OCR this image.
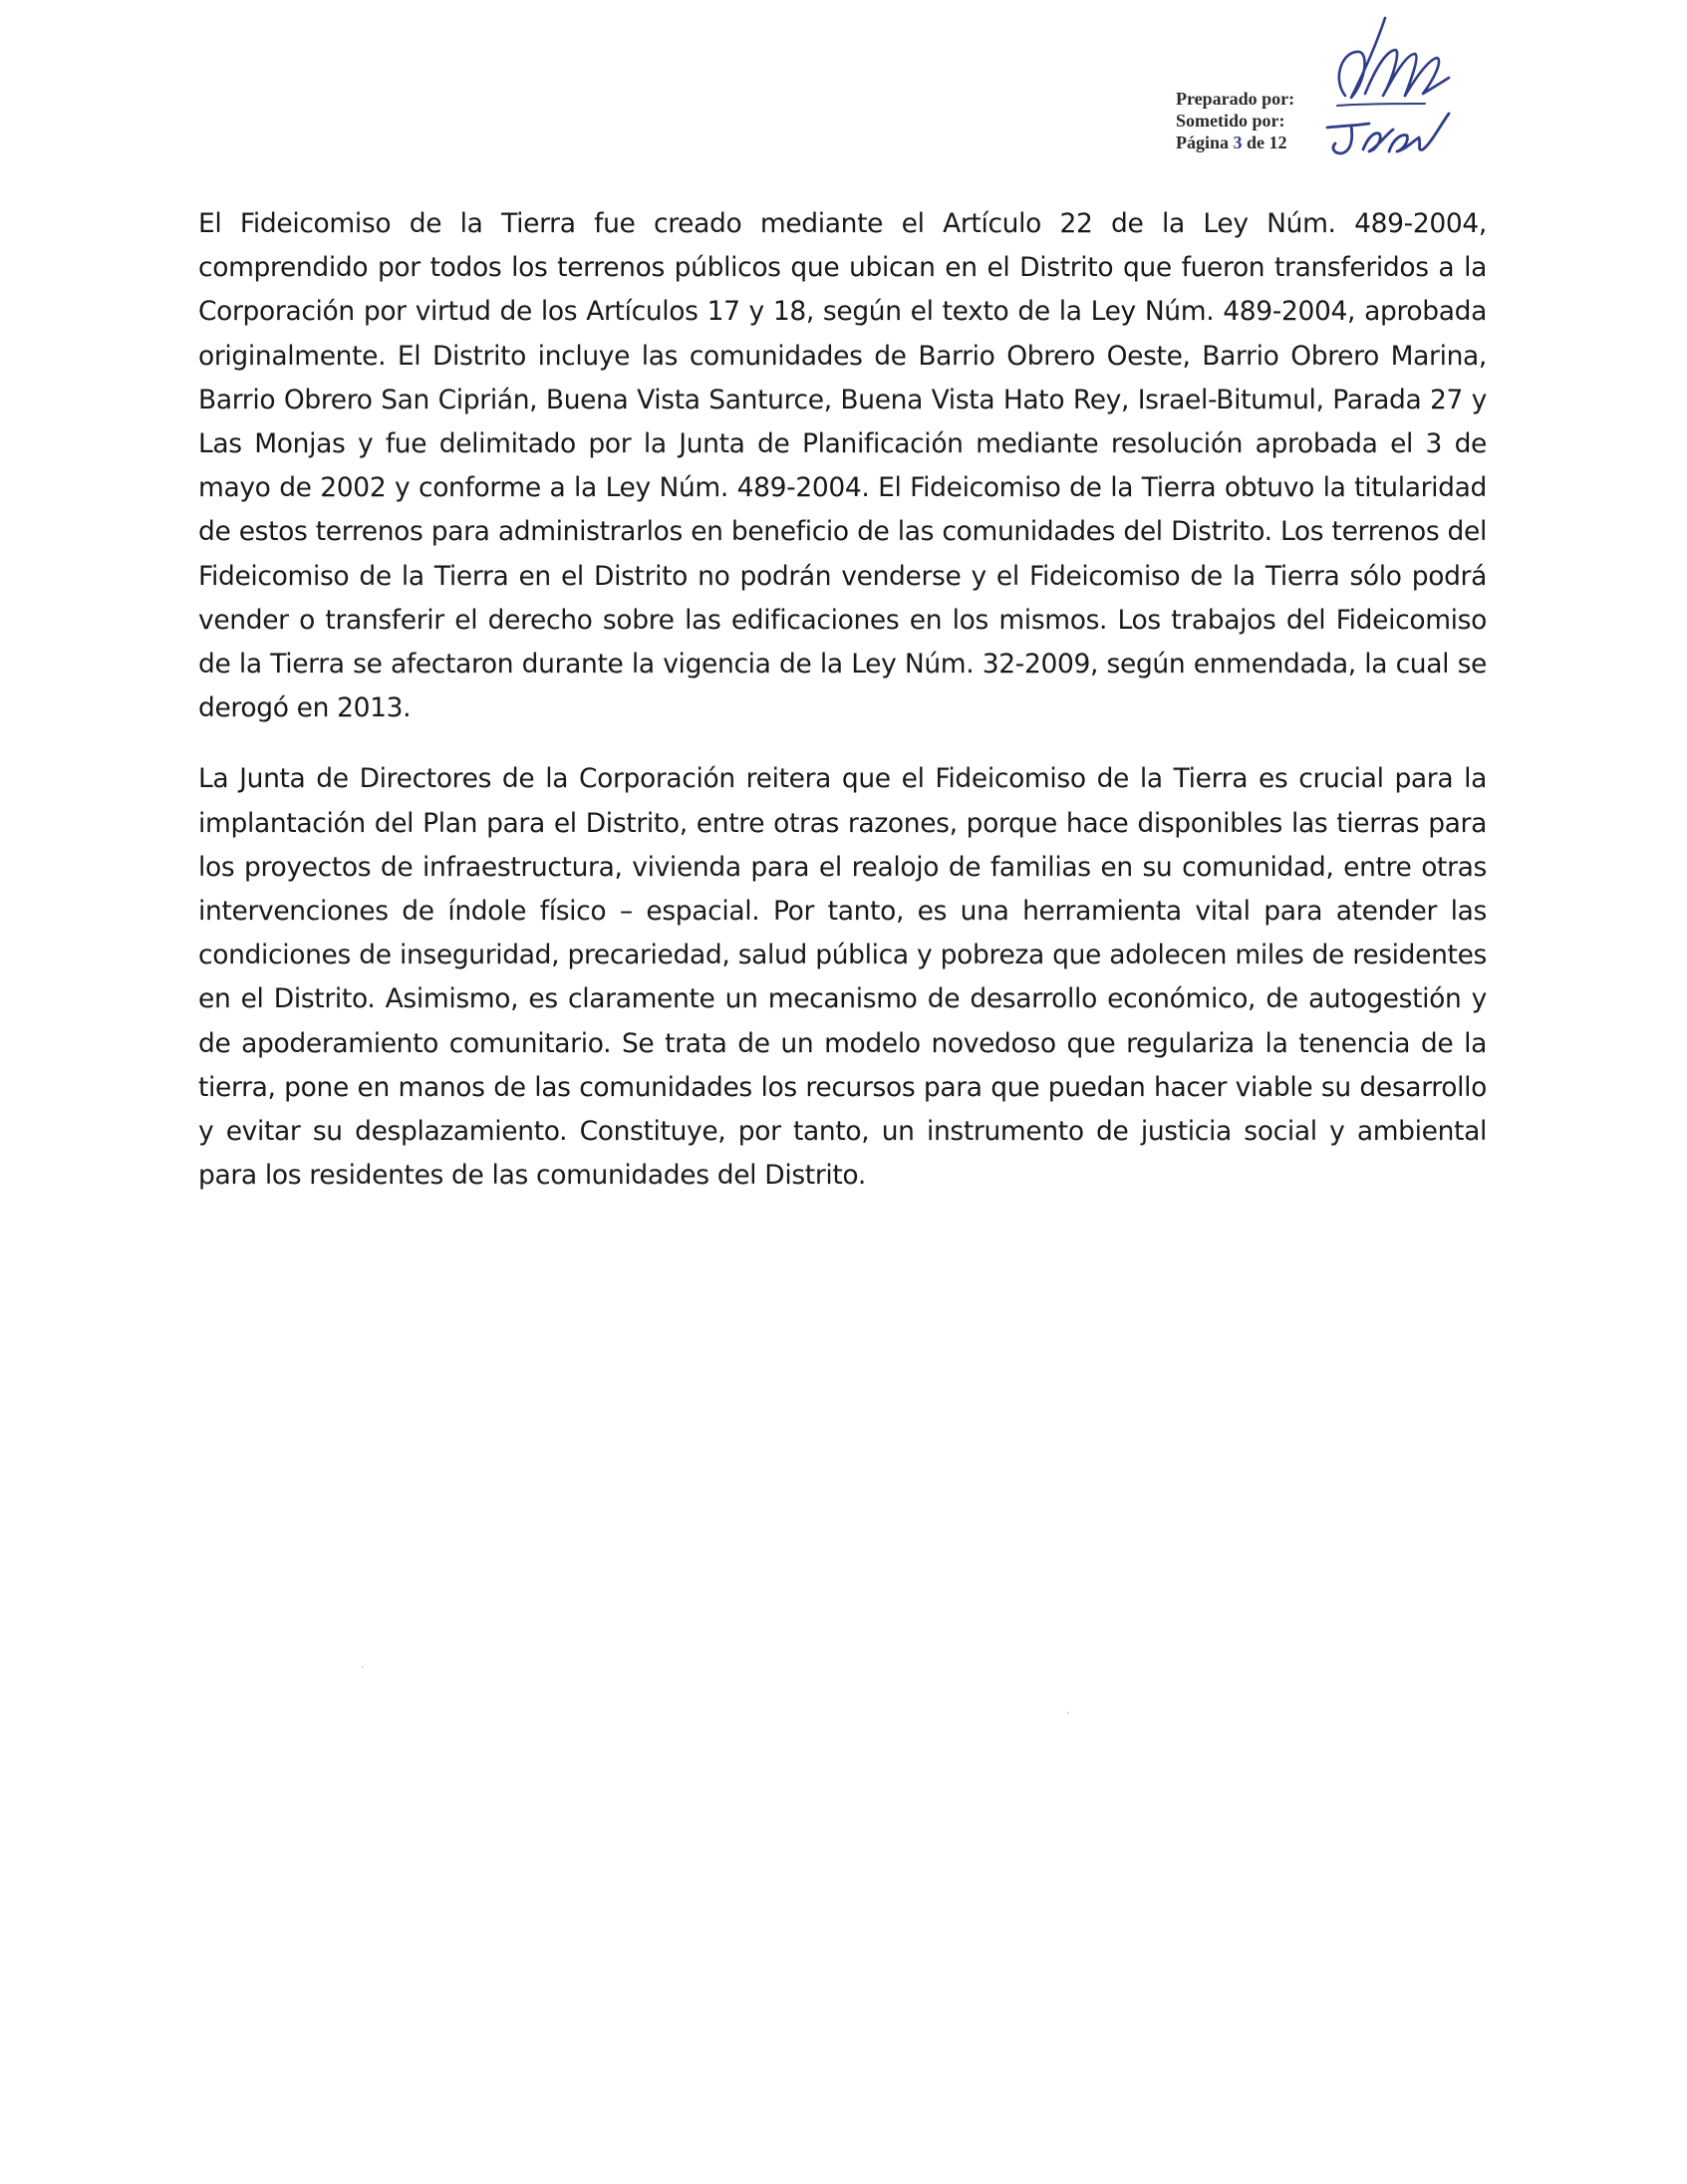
Preparado por:
Sometido por:
Página 3 de 12

El Fideicomiso de la Tierra fue creado mediante el Artículo 22 de la Ley Núm. 489-2004, comprendido por todos los terrenos públicos que ubican en el Distrito que fueron transferidos a la Corporación por virtud de los Artículos 17 y 18, según el texto de la Ley Núm. 489-2004, aprobada originalmente. El Distrito incluye las comunidades de Barrio Obrero Oeste, Barrio Obrero Marina, Barrio Obrero San Ciprián, Buena Vista Santurce, Buena Vista Hato Rey, Israel-Bitumul, Parada 27 y Las Monjas y fue delimitado por la Junta de Planificación mediante resolución aprobada el 3 de mayo de 2002 y conforme a la Ley Núm. 489-2004. El Fideicomiso de la Tierra obtuvo la titularidad de estos terrenos para administrarlos en beneficio de las comunidades del Distrito. Los terrenos del Fideicomiso de la Tierra en el Distrito no podrán venderse y el Fideicomiso de la Tierra sólo podrá vender o transferir el derecho sobre las edificaciones en los mismos. Los trabajos del Fideicomiso de la Tierra se afectaron durante la vigencia de la Ley Núm. 32-2009, según enmendada, la cual se derogó en 2013.

La Junta de Directores de la Corporación reitera que el Fideicomiso de la Tierra es crucial para la implantación del Plan para el Distrito, entre otras razones, porque hace disponibles las tierras para los proyectos de infraestructura, vivienda para el realojo de familias en su comunidad, entre otras intervenciones de índole físico – espacial. Por tanto, es una herramienta vital para atender las condiciones de inseguridad, precariedad, salud pública y pobreza que adolecen miles de residentes en el Distrito. Asimismo, es claramente un mecanismo de desarrollo económico, de autogestión y de apoderamiento comunitario. Se trata de un modelo novedoso que regulariza la tenencia de la tierra, pone en manos de las comunidades los recursos para que puedan hacer viable su desarrollo y evitar su desplazamiento. Constituye, por tanto, un instrumento de justicia social y ambiental para los residentes de las comunidades del Distrito.
